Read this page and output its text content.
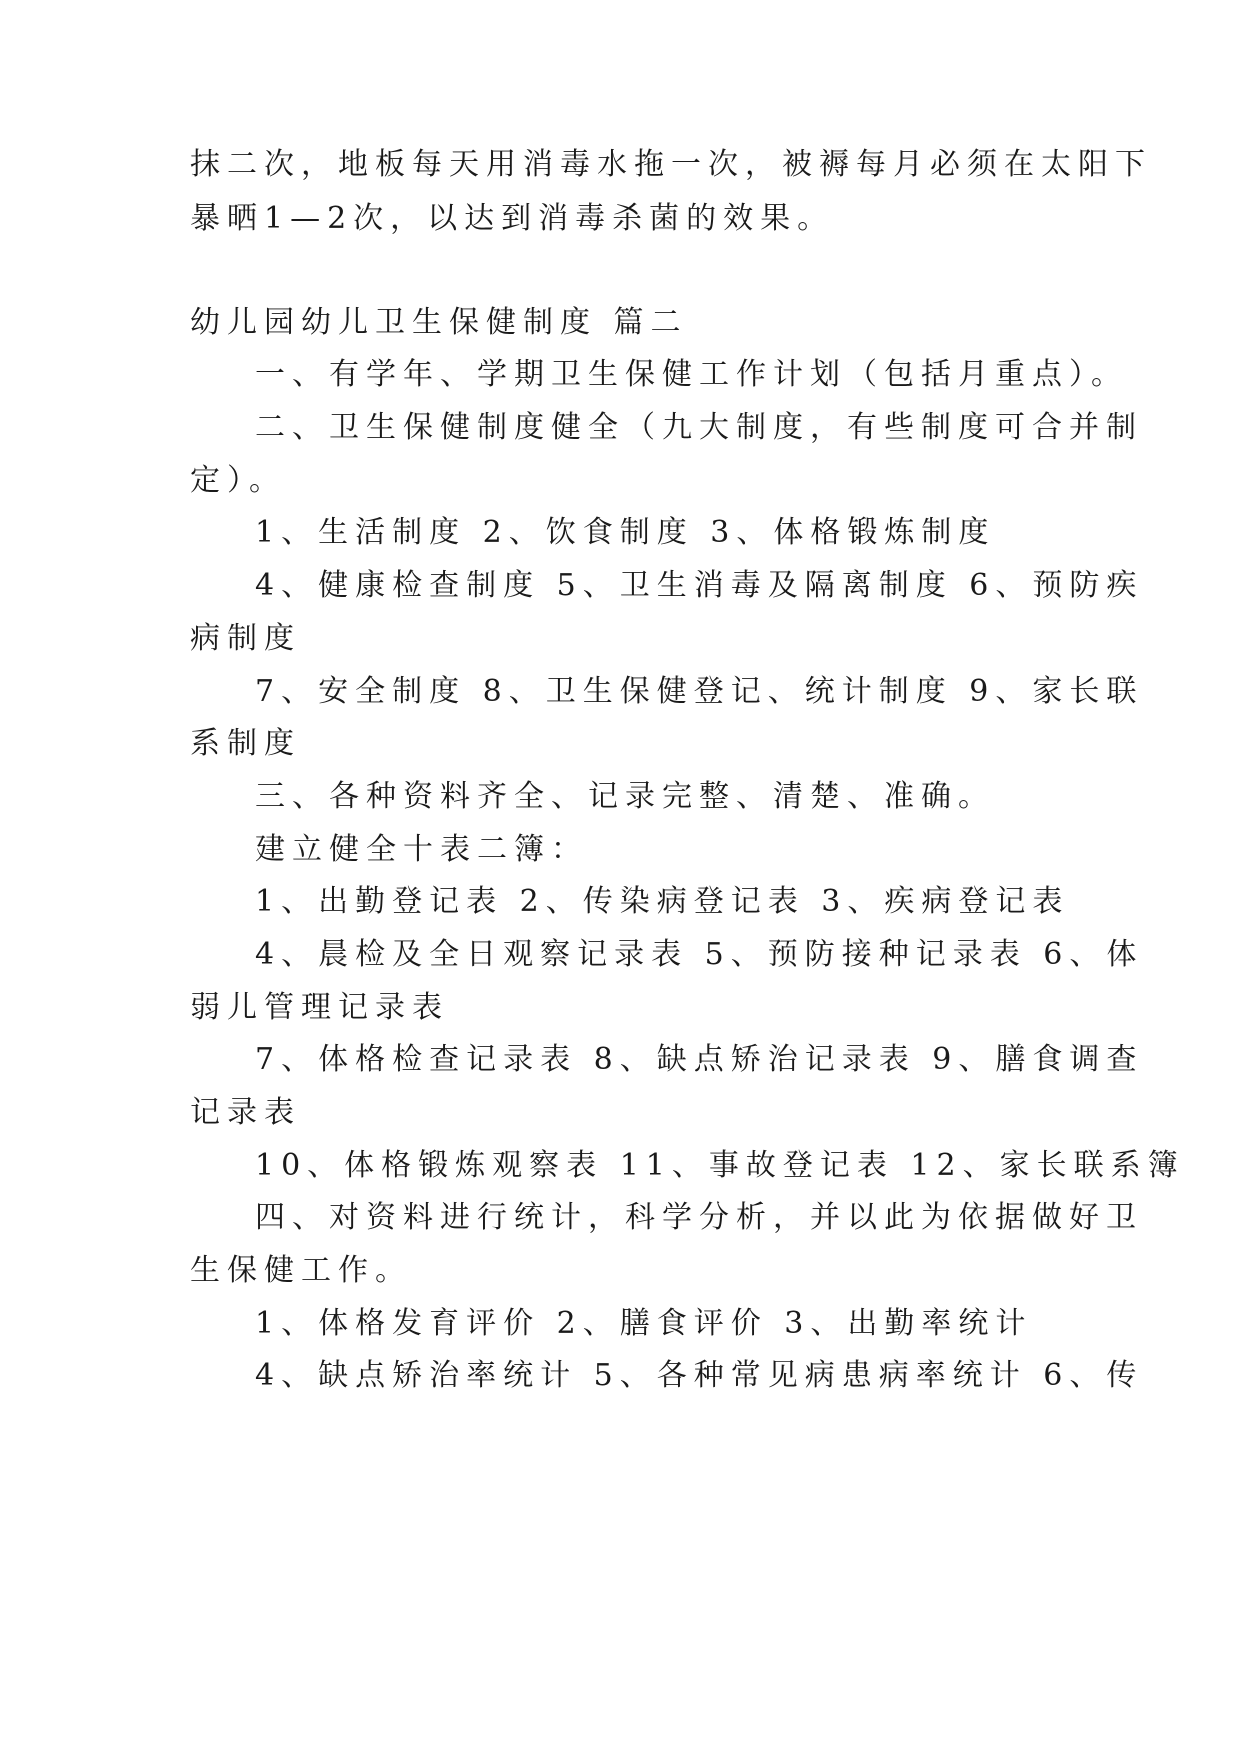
抹二次，地板每天用消毒水拖一次，被褥每月必须在太阳下
暴晒1—2次，以达到消毒杀菌的效果。
幼儿园幼儿卫生保健制度 篇二
一、有学年、学期卫生保健工作计划（包括月重点）。
二、卫生保健制度健全（九大制度，有些制度可合并制
定）。
1、生活制度 2、饮食制度 3、体格锻炼制度
4、健康检查制度 5、卫生消毒及隔离制度 6、预防疾
病制度
7、安全制度 8、卫生保健登记、统计制度 9、家长联
系制度
三、各种资料齐全、记录完整、清楚、准确。
建立健全十表二簿：
1、出勤登记表 2、传染病登记表 3、疾病登记表
4、晨检及全日观察记录表 5、预防接种记录表 6、体
弱儿管理记录表
7、体格检查记录表 8、缺点矫治记录表 9、膳食调查
记录表
10、体格锻炼观察表 11、事故登记表 12、家长联系簿
四、对资料进行统计，科学分析，并以此为依据做好卫
生保健工作。
1、体格发育评价 2、膳食评价 3、出勤率统计
4、缺点矫治率统计 5、各种常见病患病率统计 6、传
